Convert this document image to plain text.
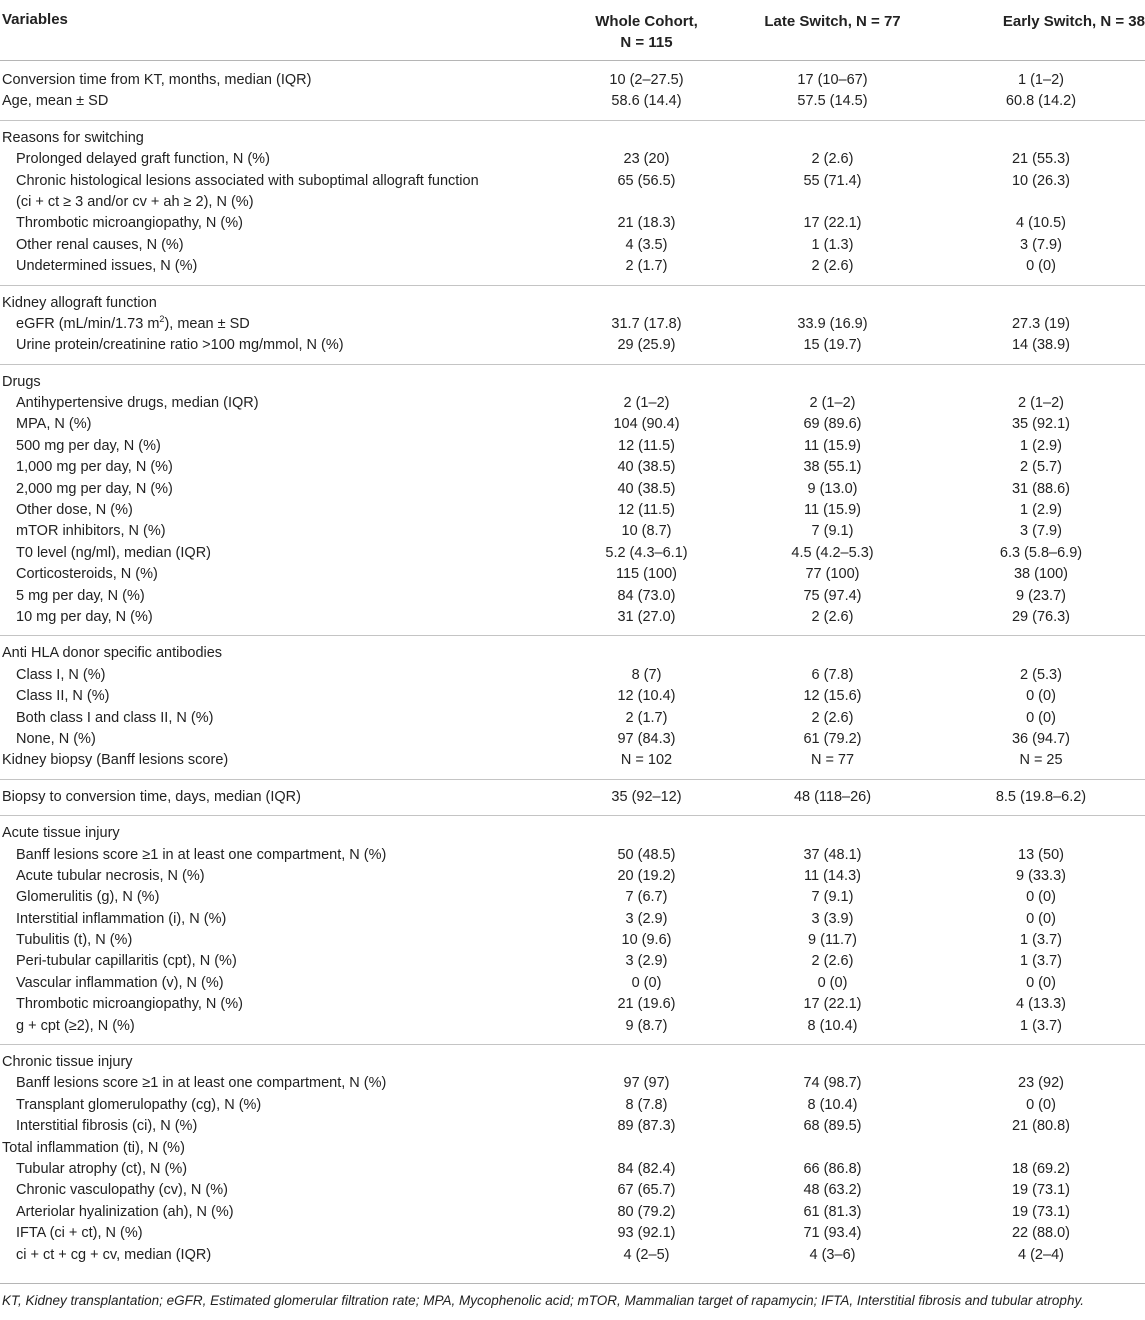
Variables	Whole Cohort,
N = 115
Late Switch, N = 77	Early Switch, N = 38
Conversion time from KT, months, median (IQR)	10 (2–27.5)	17 (10–67)	1 (1–2)
Age, mean ± SD	58.6 (14.4)	57.5 (14.5)	60.8 (14.2)
Reasons for switching
Prolonged delayed graft function, N (%)	23 (20)	2 (2.6)	21 (55.3)
Chronic histological lesions associated with suboptimal allograft function
(ci + ct ≥ 3 and/or cv + ah ≥ 2), N (%)
65 (56.5)	55 (71.4)	10 (26.3)
Thrombotic microangiopathy, N (%)	21 (18.3)	17 (22.1)	4 (10.5)
Other renal causes, N (%)	4 (3.5)	1 (1.3)	3 (7.9)
Undetermined issues, N (%)	2 (1.7)	2 (2.6)	0 (0)
Kidney allograft function
eGFR (mL/min/1.73 $m^2$), mean ± SD	31.7 (17.8)	33.9 (16.9)	27.3 (19)
Urine protein/creatinine ratio >100 mg/mmol, N (%)	29 (25.9)	15 (19.7)	14 (38.9)
Drugs
Antihypertensive drugs, median (IQR)	2 (1–2)	2 (1–2)	2 (1–2)
MPA, N (%)	104 (90.4)	69 (89.6)	35 (92.1)
500 mg per day, N (%)	12 (11.5)	11 (15.9)	1 (2.9)
1,000 mg per day, N (%)	40 (38.5)	38 (55.1)	2 (5.7)
2,000 mg per day, N (%)	40 (38.5)	9 (13.0)	31 (88.6)
Other dose, N (%)	12 (11.5)	11 (15.9)	1 (2.9)
mTOR inhibitors, N (%)	10 (8.7)	7 (9.1)	3 (7.9)
T0 level (ng/ml), median (IQR)	5.2 (4.3–6.1)	4.5 (4.2–5.3)	6.3 (5.8–6.9)
Corticosteroids, N (%)	115 (100)	77 (100)	38 (100)
5 mg per day, N (%)	84 (73.0)	75 (97.4)	9 (23.7)
10 mg per day, N (%)	31 (27.0)	2 (2.6)	29 (76.3)
Anti HLA donor specific antibodies
Class I, N (%)	8 (7)	6 (7.8)	2 (5.3)
Class II, N (%)	12 (10.4)	12 (15.6)	0 (0)
Both class I and class II, N (%)	2 (1.7)	2 (2.6)	0 (0)
None, N (%)	97 (84.3)	61 (79.2)	36 (94.7)
Kidney biopsy (Banff lesions score)	N = 102	N = 77	N = 25
Biopsy to conversion time, days, median (IQR)	35 (92–12)	48 (118–26)	8.5 (19.8–6.2)
Acute tissue injury
Banff lesions score ≥1 in at least one compartment, N (%)	50 (48.5)	37 (48.1)	13 (50)
Acute tubular necrosis, N (%)	20 (19.2)	11 (14.3)	9 (33.3)
Glomerulitis (g), N (%)	7 (6.7)	7 (9.1)	0 (0)
Interstitial inflammation (i), N (%)	3 (2.9)	3 (3.9)	0 (0)
Tubulitis (t), N (%)	10 (9.6)	9 (11.7)	1 (3.7)
Peri-tubular capillaritis (cpt), N (%)	3 (2.9)	2 (2.6)	1 (3.7)
Vascular inflammation (v), N (%)	0 (0)	0 (0)	0 (0)
Thrombotic microangiopathy, N (%)	21 (19.6)	17 (22.1)	4 (13.3)
g + cpt (≥2), N (%)	9 (8.7)	8 (10.4)	1 (3.7)
Chronic tissue injury
Banff lesions score ≥1 in at least one compartment, N (%)	97 (97)	74 (98.7)	23 (92)
Transplant glomerulopathy (cg), N (%)	8 (7.8)	8 (10.4)	0 (0)
Interstitial fibrosis (ci), N (%)	89 (87.3)	68 (89.5)	21 (80.8)
Total inflammation (ti), N (%)
Tubular atrophy (ct), N (%)	84 (82.4)	66 (86.8)	18 (69.2)
Chronic vasculopathy (cv), N (%)	67 (65.7)	48 (63.2)	19 (73.1)
Arteriolar hyalinization (ah), N (%)	80 (79.2)	61 (81.3)	19 (73.1)
IFTA (ci + ct), N (%)	93 (92.1)	71 (93.4)	22 (88.0)
ci + ct + cg + cv, median (IQR)	4 (2–5)	4 (3–6)	4 (2–4)
KT, Kidney transplantation; eGFR, Estimated glomerular filtration rate; MPA, Mycophenolic acid; mTOR, Mammalian target of rapamycin; IFTA, Interstitial fibrosis and tubular atrophy.
